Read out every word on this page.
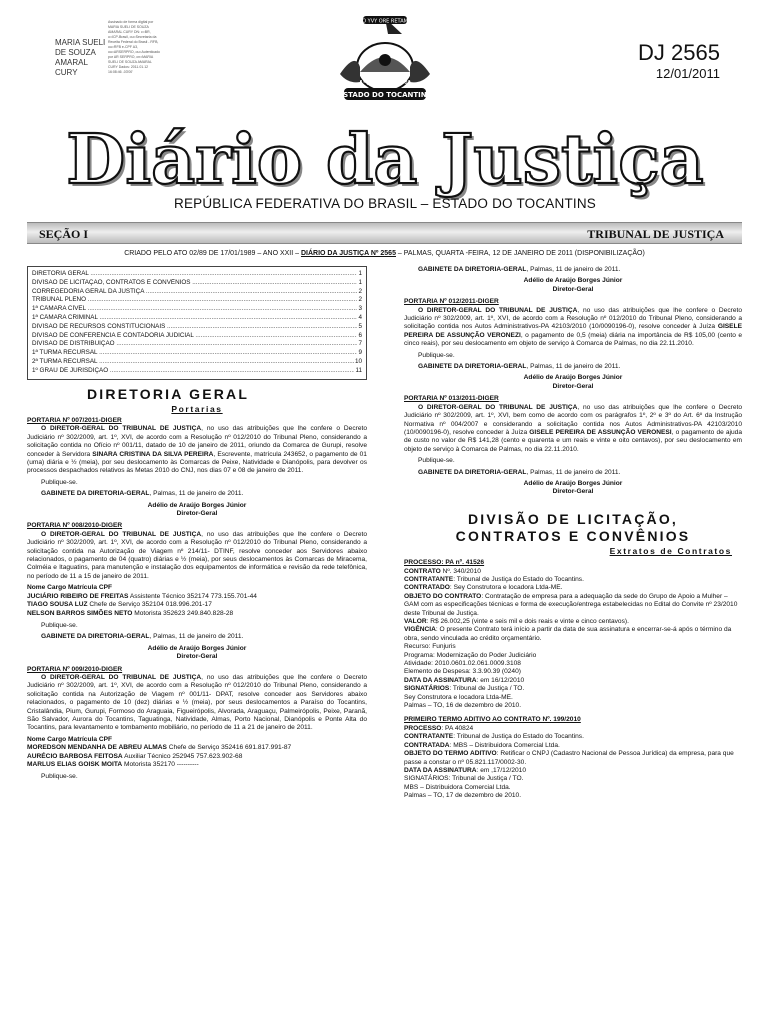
MARIA SUELI DE SOUZA AMARAL CURY
Assinado de forma digital por MARIA SUELI DE SOUZA AMARAL CURY DN: c=BR, o=ICP-Brasil, ou=Secretaria da Receita Federal do Brasil - RFB, ou=RFB e-CPF A3, ou=ARSERPRO, ou=Autenticado por AR SERPRO, cn=MARIA SUELI DE SOUZA AMARAL CURY Dados: 2011.01.12 16:08:46 -03'00'
ESTADO DO TOCANTINS
CO YVY ORE RETAMA
1º JAN	1989
DJ 2565
12/01/2011
Diário da Justiça
REPÚBLICA FEDERATIVA DO BRASIL – ESTADO DO TOCANTINS
SEÇÃO I	TRIBUNAL DE JUSTIÇA
CRIADO PELO ATO 02/89 DE 17/01/1989 – ANO XXII – DIÁRIO DA JUSTIÇA Nº 2565 – PALMAS, QUARTA -FEIRA, 12 DE JANEIRO DE 2011 (DISPONIBILIZAÇÃO)
DIRETORIA GERAL .....	1
DIVISÃO DE LICITAÇÃO, CONTRATOS E CONVÊNIOS .....	1
CORREGEDORIA GERAL DA JUSTIÇA .....	2
TRIBUNAL PLENO .....	2
1ª CÂMARA CÍVEL .....	3
1ª CÂMARA CRIMINAL .....	4
DIVISÃO DE RECURSOS CONSTITUCIONAIS .....	5
DIVISÃO DE CONFERÊNCIA E CONTADORIA JUDICIAL .....	6
DIVISÃO DE DISTRIBUIÇÃO .....	7
1ª TURMA RECURSAL .....	9
2ª TURMA RECURSAL .....	10
1º GRAU DE JURISDIÇÃO .....	11
DIRETORIA GERAL
Portarias
PORTARIA Nº 007/2011-DIGER

O DIRETOR-GERAL DO TRIBUNAL DE JUSTIÇA, no uso das atribuições que lhe confere o Decreto Judiciário nº 302/2009, art. 1º, XVI, de acordo com a Resolução nº 012/2010 do Tribunal Pleno, considerando a solicitação contida no Ofício nº 001/11, datado de 10 de janeiro de 2011, oriundo da Comarca de Gurupi, resolve conceder à Servidora SINARA CRISTINA DA SILVA PEREIRA, Escrevente, matrícula 243652, o pagamento de 01 (uma) diária e ½ (meia), por seu deslocamento às Comarcas de Peixe, Natividade e Dianópolis, para devolver os processos despachados relativos às Metas 2010 do CNJ, nos dias 07 e 08 de janeiro de 2011.

Publique-se.

GABINETE DA DIRETORIA-GERAL, Palmas, 11 de janeiro de 2011.

Adélio de Araújo Borges Júnior

Diretor-Geral

PORTARIA Nº 008/2010-DIGER

O DIRETOR-GERAL DO TRIBUNAL DE JUSTIÇA, no uso das atribuições que lhe confere o Decreto Judiciário nº 302/2009, art. 1º, XVI, de acordo com a Resolução nº 012/2010 do Tribunal Pleno, considerando a solicitação contida na Autorização de Viagem nº 214/11- DTINF, resolve conceder aos Servidores abaixo relacionados, o pagamento de 04 (quatro) diárias e ½ (meia), por seus deslocamentos às Comarcas de Miracema, Colméia e Itaguatins, para manutenção e instalação dos equipamentos de informática e revisão da rede telefônica, no período de 11 a 15 de janeiro de 2011.

Nome Cargo Matrícula CPF

JUCIÁRIO RIBEIRO DE FREITAS Assistente Técnico 352174 773.155.701-44
TIAGO SOUSA LUZ Chefe de Serviço 352104 018.996.201-17
NELSON BARROS SIMÕES NETO Motorista 352623 249.840.828-28

Publique-se.

GABINETE DA DIRETORIA-GERAL, Palmas, 11 de janeiro de 2011.

Adélio de Araújo Borges Júnior

Diretor-Geral

PORTARIA Nº 009/2010-DIGER

O DIRETOR-GERAL DO TRIBUNAL DE JUSTIÇA, no uso das atribuições que lhe confere o Decreto Judiciário nº 302/2009, art. 1º, XVI, de acordo com a Resolução nº 012/2010 do Tribunal Pleno, considerando a solicitação contida na Autorização de Viagem nº 001/11- DPAT, resolve conceder aos Servidores abaixo relacionados, o pagamento de 10 (dez) diárias e ½ (meia), por seus deslocamentos a Paraíso do Tocantins, Cristalândia, Pium, Gurupi, Formoso do Araguaia, Figueirópolis, Alvorada, Araguaçu, Palmeirópolis, Peixe, Paranã, São Salvador, Aurora do Tocantins, Taguatinga, Natividade, Almas, Porto Nacional, Dianópolis e Ponte Alta do Tocantins, para levantamento e tombamento mobiliário, no período de 11 a 21 de janeiro de 2011.

Nome Cargo Matrícula CPF

MOREDSON MENDANHA DE ABREU ALMAS Chefe de Serviço 352416 691.817.991-87
AURÉCIO BARBOSA FEITOSA Auxiliar Técnico 252945 757.623.902-68
MARLUS ELIAS GOISK MOITA Motorista 352170 ----------

Publique-se.

GABINETE DA DIRETORIA-GERAL, Palmas, 11 de janeiro de 2011.

Adélio de Araújo Borges Júnior

Diretor-Geral

PORTARIA Nº 012/2011-DIGER

O DIRETOR-GERAL DO TRIBUNAL DE JUSTIÇA, no uso das atribuições que lhe confere o Decreto Judiciário nº 302/2009, art. 1º, XVI, de acordo com a Resolução nº 012/2010 do Tribunal Pleno, considerando a solicitação contida nos Autos Administrativos-PA 42103/2010 (10/0090196-0), resolve conceder à Juíza GISELE PEREIRA DE ASSUNÇÃO VERONEZI, o pagamento de 0,5 (meia) diária na importância de R$ 105,00 (cento e cinco reais), por seu deslocamento em objeto de serviço à Comarca de Palmas, no dia 22.11.2010.

Publique-se.

GABINETE DA DIRETORIA-GERAL, Palmas, 11 de janeiro de 2011.

Adélio de Araújo Borges Júnior

Diretor-Geral

PORTARIA Nº 013/2011-DIGER

O DIRETOR-GERAL DO TRIBUNAL DE JUSTIÇA, no uso das atribuições que lhe confere o Decreto Judiciário nº 302/2009, art. 1º, XVI, bem como de acordo com os parágrafos 1º, 2º e 3º do Art. 6º da Instrução Normativa nº 004/2007 e considerando a solicitação contida nos Autos Administrativos-PA 42103/2010 (10/0090196-0), resolve conceder à Juíza GISELE PEREIRA DE ASSUNÇÃO VERONESI, o pagamento de ajuda de custo no valor de R$ 141,28 (cento e quarenta e um reais e vinte e oito centavos), por seu deslocamento em objeto de serviço à Comarca de Palmas, no dia 22.11.2010.

Publique-se.

GABINETE DA DIRETORIA-GERAL, Palmas, 11 de janeiro de 2011.

Adélio de Araújo Borges Júnior

Diretor-Geral

DIVISÃO DE LICITAÇÃO,
CONTRATOS E CONVÊNIOS
Extratos de Contratos
PROCESSO: PA nº. 41526

CONTRATO Nº. 340/2010

CONTRATANTE: Tribunal de Justiça do Estado do Tocantins.

CONTRATADO: Sey Construtora e locadora Ltda-ME.

OBJETO DO CONTRATO: Contratação de empresa para a adequação da sede do Grupo de Apoio a Mulher – GAM com as especificações técnicas e forma de execução/entrega estabelecidas no Edital do Convite nº 23/2010 deste Tribunal de Justiça.

VALOR: R$ 26.002,25 (vinte e seis mil e dois reais e vinte e cinco centavos).

VIGÊNCIA: O presente Contrato terá início a partir da data de sua assinatura e encerrar-se-á após o término da obra, sendo vinculada ao crédito orçamentário.

Recurso: Funjuris

Programa: Modernização do Poder Judiciário

Atividade: 2010.0601.02.061.0009.3108

Elemento de Despesa: 3.3.90.39 (0240)

DATA DA ASSINATURA: em 16/12/2010

SIGNATÁRIOS: Tribunal de Justiça / TO.

Sey Construtora e locadora Ltda-ME.

Palmas – TO, 16 de dezembro de 2010.

PRIMEIRO TERMO ADITIVO AO CONTRATO Nº. 199/2010

PROCESSO: PA 40824

CONTRATANTE: Tribunal de Justiça do Estado do Tocantins.

CONTRATADA: MBS – Distribuidora Comercial Ltda.

OBJETO DO TERMO ADITIVO: Retificar o CNPJ (Cadastro Nacional de Pessoa Jurídica) da empresa, para que passe a constar o nº 05.821.117/0002-30.

DATA DA ASSINATURA: em ,17/12/2010

SIGNATÁRIOS: Tribunal de Justiça / TO.

MBS – Distribuidora Comercial Ltda.

Palmas – TO, 17 de dezembro de 2010.
